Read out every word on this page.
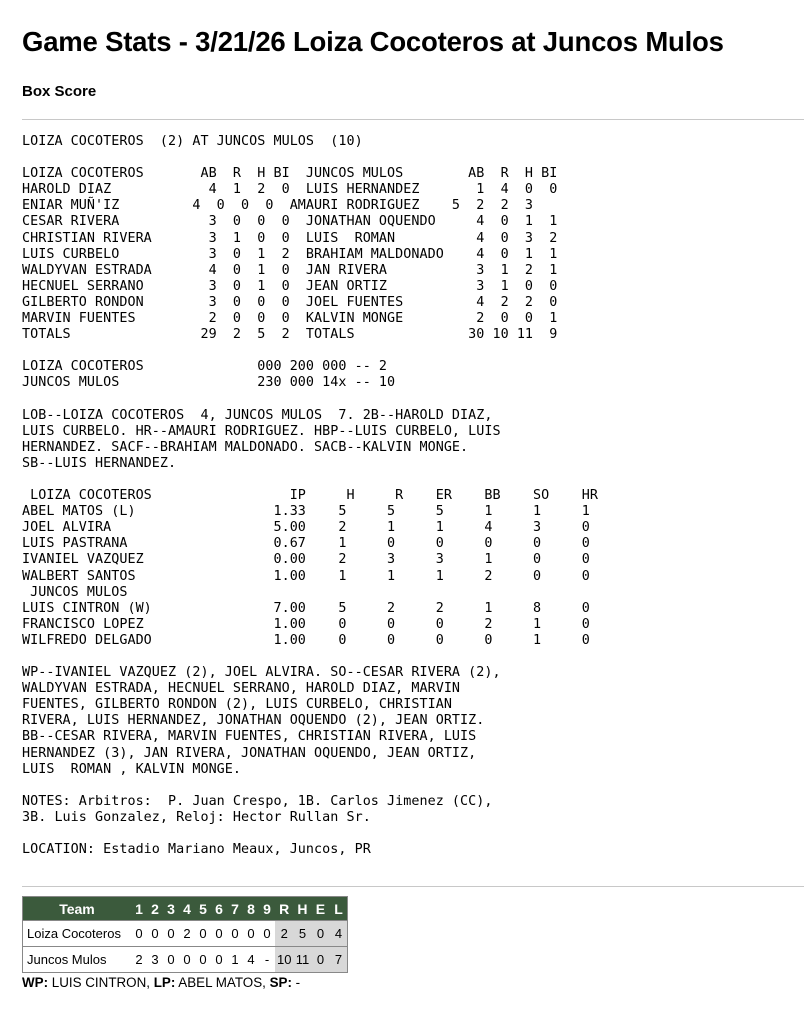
Game Stats - 3/21/26 Loiza Cocoteros at Juncos Mulos
Box Score
LOIZA COCOTEROS  (2) AT JUNCOS MULOS  (10)

LOIZA COCOTEROS       AB  R  H BI  JUNCOS MULOS        AB  R  H BI
HAROLD DIAZ            4  1  2  0  LUIS HERNANDEZ       1  4  0  0
ENIAR MUÑ'IZ         4  0  0  0  AMAURI RODRIGUEZ    5  2  2  3
CESAR RIVERA           3  0  0  0  JONATHAN OQUENDO     4  0  1  1
CHRISTIAN RIVERA       3  1  0  0  LUIS  ROMAN          4  0  3  2
LUIS CURBELO           3  0  1  2  BRAHIAM MALDONADO    4  0  1  1
WALDYVAN ESTRADA       4  0  1  0  JAN RIVERA           3  1  2  1
HECNUEL SERRANO        3  0  1  0  JEAN ORTIZ           3  1  0  0
GILBERTO RONDON        3  0  0  0  JOEL FUENTES         4  2  2  0
MARVIN FUENTES         2  0  0  0  KALVIN MONGE         2  0  0  1
TOTALS                29  2  5  2  TOTALS              30 10 11  9

LOIZA COCOTEROS              000 200 000 -- 2
JUNCOS MULOS                 230 000 14x -- 10

LOB--LOIZA COCOTEROS  4, JUNCOS MULOS  7. 2B--HAROLD DIAZ,
LUIS CURBELO. HR--AMAURI RODRIGUEZ. HBP--LUIS CURBELO, LUIS
HERNANDEZ. SACF--BRAHIAM MALDONADO. SACB--KALVIN MONGE.
SB--LUIS HERNANDEZ.

LOIZA COCOTEROS                 IP     H     R    ER    BB    SO    HR
ABEL MATOS (L)                 1.33    5     5     5     1     1     1
JOEL ALVIRA                    5.00    2     1     1     4     3     0
LUIS PASTRANA                  0.67    1     0     0     0     0     0
IVANIEL VAZQUEZ                0.00    2     3     3     1     0     0
WALBERT SANTOS                 1.00    1     1     1     2     0     0
JUNCOS MULOS
LUIS CINTRON (W)               7.00    5     2     2     1     8     0
FRANCISCO LOPEZ                1.00    0     0     0     2     1     0
WILFREDO DELGADO               1.00    0     0     0     0     1     0

WP--IVANIEL VAZQUEZ (2), JOEL ALVIRA. SO--CESAR RIVERA (2),
WALDYVAN ESTRADA, HECNUEL SERRANO, HAROLD DIAZ, MARVIN
FUENTES, GILBERTO RONDON (2), LUIS CURBELO, CHRISTIAN
RIVERA, LUIS HERNANDEZ, JONATHAN OQUENDO (2), JEAN ORTIZ.
BB--CESAR RIVERA, MARVIN FUENTES, CHRISTIAN RIVERA, LUIS
HERNANDEZ (3), JAN RIVERA, JONATHAN OQUENDO, JEAN ORTIZ,
LUIS  ROMAN , KALVIN MONGE.

NOTES: Arbitros:  P. Juan Crespo, 1B. Carlos Jimenez (CC),
3B. Luis Gonzalez, Reloj: Hector Rullan Sr.

LOCATION: Estadio Mariano Meaux, Juncos, PR
Team	1	2	3	4	5	6	7	8	9	R	H	E	L
Loiza Cocoteros	0	0	0	2	0	0	0	0	0	2	5	0	4
Juncos Mulos	2	3	0	0	0	0	1	4	-	10	11	0	7

WP: LUIS CINTRON, LP: ABEL MATOS, SP: -
